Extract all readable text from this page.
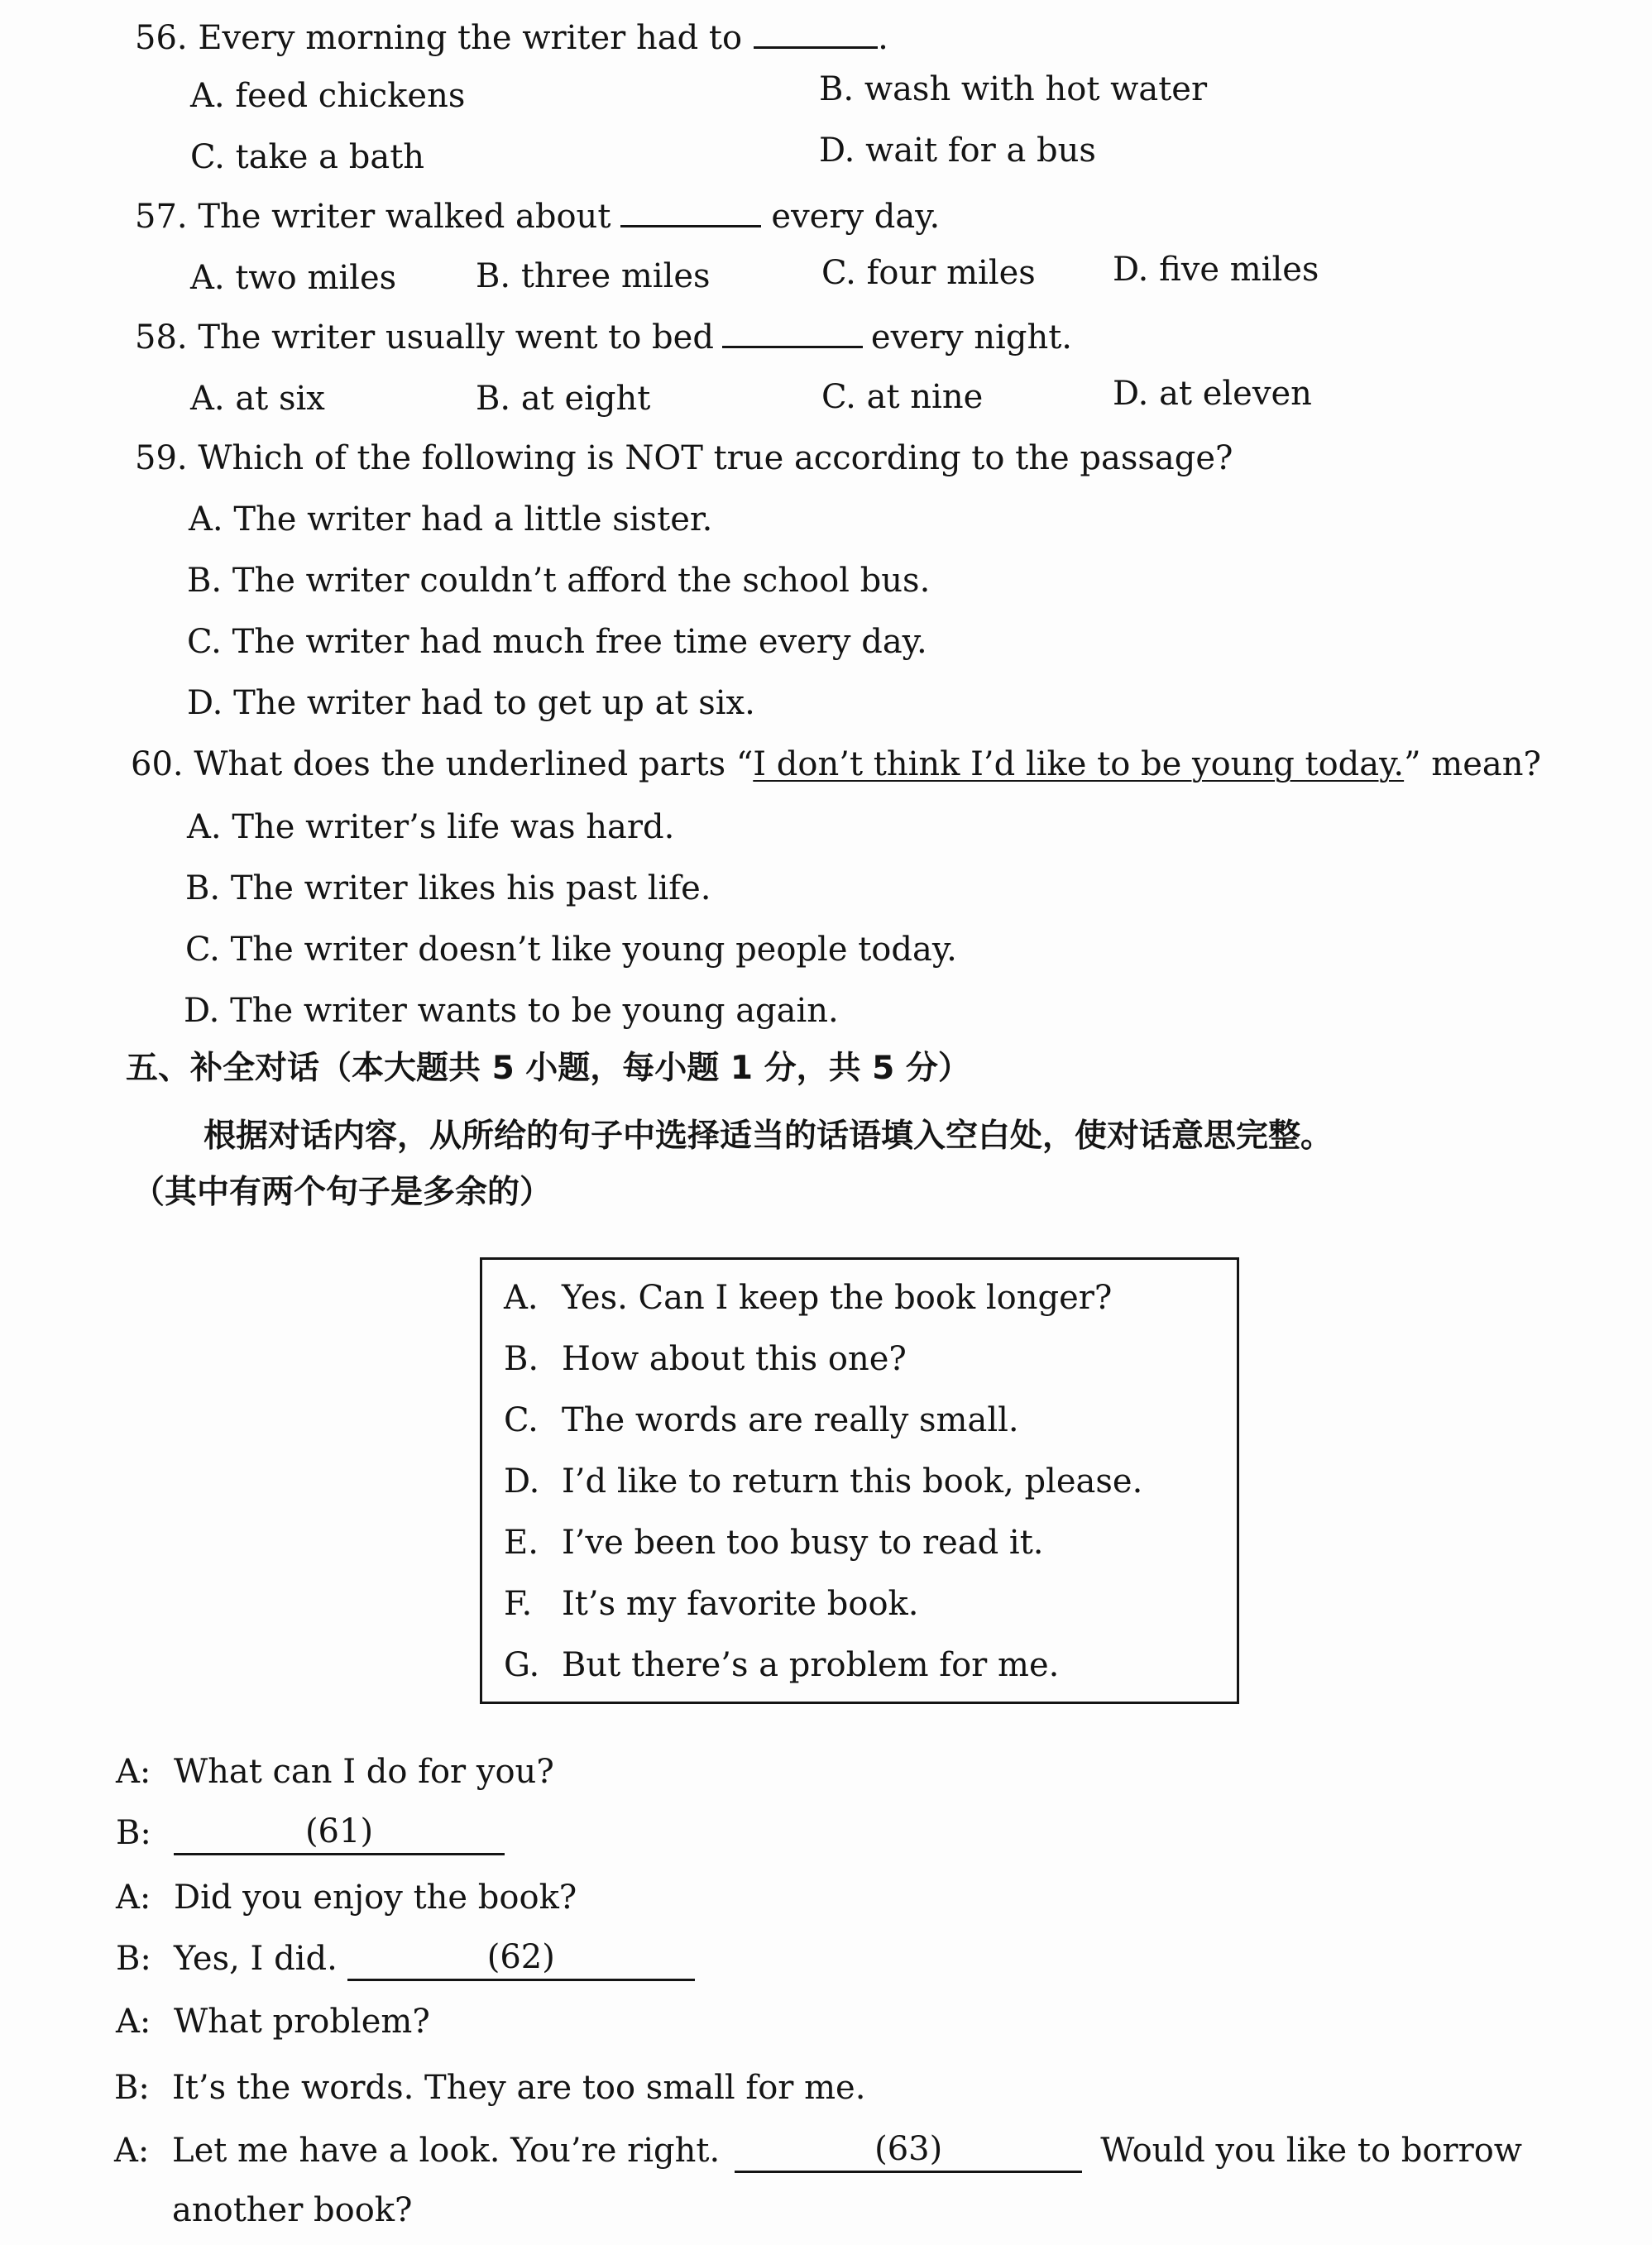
56. Every morning the writer had to	.
A. feed chickens	B. wash with hot water
C. take a bath	D. wait for a bus
57. The writer walked about	every day.
A. two miles B. three miles	C. four miles D. five miles
58. The writer usually went to bed	every night.
A. at six	B. at eight	C. at nine	D. at eleven
59. Which of the following is NOT true according to the passage?
A. The writer had a little sister.
B. The writer couldn’t afford the school bus.
C. The writer had much free time every day.
D. The writer had to get up at six.
60. What does the underlined parts “I don’t think I’d like to be young today.” mean?
A. The writer’s life was hard.
B. The writer likes his past life.
C. The writer doesn’t like young people today.
D. The writer wants to be young again.
五、补全对话（本大题共 5 小题，每小题 1 分，共 5 分）
根据对话内容，从所给的句子中选择适当的话语填入空白处，使对话意思完整。
（其中有两个句子是多余的）
A. Yes. Can I keep the book longer?
B. How about this one?
C. The words are really small.
D. I’d like to return this book, please.
E. I’ve been too busy to read it.
F. It’s my favorite book.
G. But there’s a problem for me.
A: What can I do for you?
B:	(61)
A: Did you enjoy the book?
B: Yes, I did.	(62)
A: What problem?
B: It’s the words. They are too small for me.
A: Let me have a look. You’re right.	(63)	Would you like to borrow
another book?
